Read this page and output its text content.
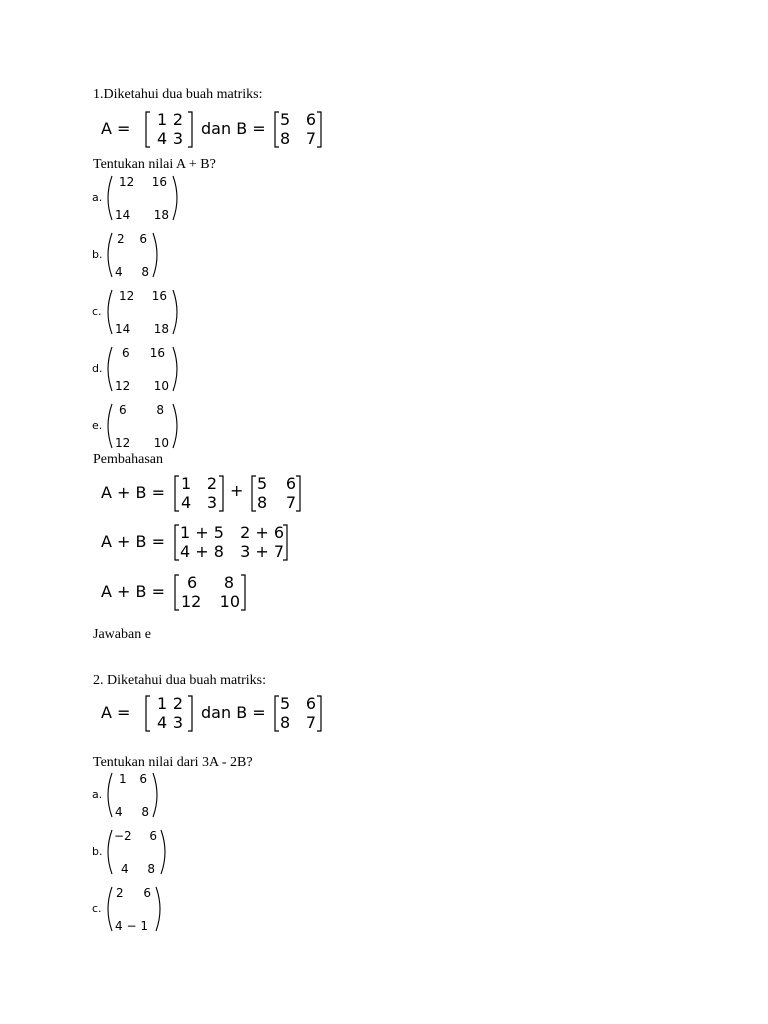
1.Diketahui dua buah matriks:
A = 1 2
4 3
dan B = 5 6
8 7
Tentukan nilai A + B?
a.
12 16
14 18
b.
2 6
4 8
c.
12 16
14 18
d.
6 16
12 10
e.
6 8
12 10
Pembahasan
A + B = 1 2
4 3
+ 5 6
8 7
A + B = 1 + 5 2 + 6
4 + 8 3 + 7
A + B = 6 8
12 10
Jawaban e
2. Diketahui dua buah matriks:
A = 1 2
4 3
dan B = 5 6
8 7
Tentukan nilai dari 3A - 2B?
a.
1 6
4 8
b.
−2 6
4 8
c.
2 6
4 − 1
